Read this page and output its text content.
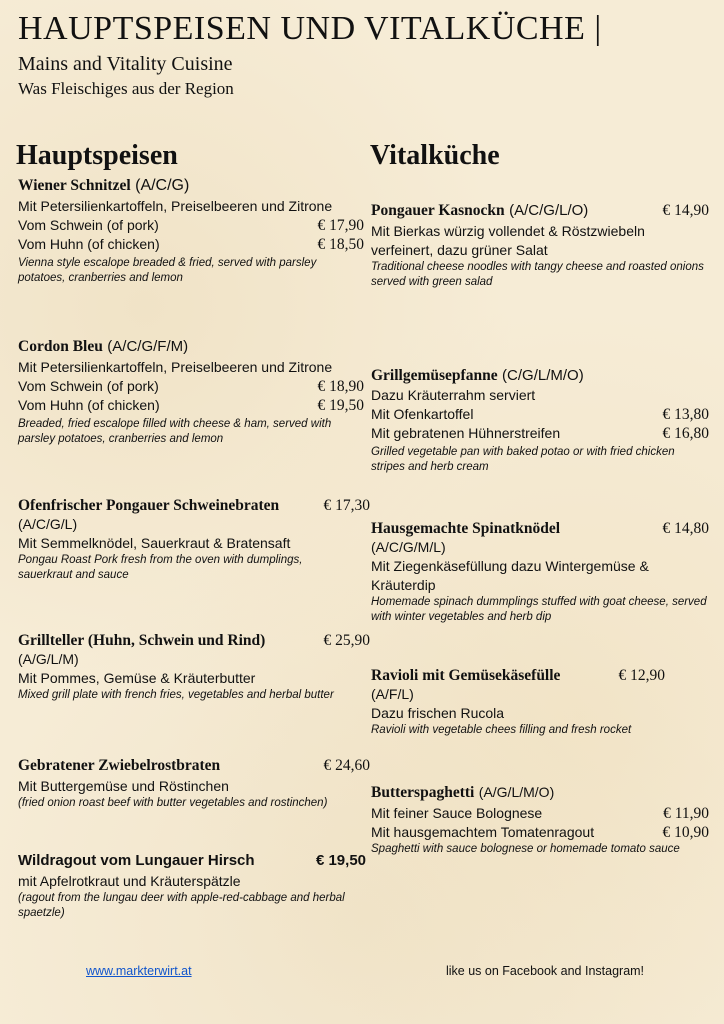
HAUPTSPEISEN UND VITALKÜCHE |
Mains and Vitality Cuisine
Was Fleischiges aus der Region
Hauptspeisen	Vitalküche
Wiener Schnitzel (A/C/G)
Mit Petersilienkartoffeln, Preiselbeeren und Zitrone
Vom Schwein (of pork)	€ 17,90
Vom Huhn (of chicken)	€ 18,50
Vienna style escalope breaded & fried, served with parsley potatoes, cranberries and lemon
Cordon Bleu (A/C/G/F/M)
Mit Petersilienkartoffeln, Preiselbeeren und Zitrone
Vom Schwein (of pork)	€ 18,90
Vom Huhn (of chicken)	€ 19,50
Breaded, fried escalope filled with cheese & ham, served with parsley potatoes, cranberries and lemon
Ofenfrischer Pongauer Schweinebraten	€ 17,30
(A/C/G/L)
Mit Semmelknödel, Sauerkraut & Bratensaft
Pongau Roast Pork fresh from the oven with dumplings, sauerkraut and sauce
Grillteller (Huhn, Schwein und Rind)	€ 25,90
(A/G/L/M)
Mit Pommes, Gemüse & Kräuterbutter
Mixed grill plate with french fries, vegetables and herbal butter
Gebratener Zwiebelrostbraten	€ 24,60
Mit Buttergemüse und Röstinchen
(fried onion roast beef with butter vegetables and rostinchen)
Wildragout vom Lungauer Hirsch	€ 19,50
mit Apfelrotkraut und Kräuterspätzle
(ragout from the lungau deer with apple-red-cabbage and herbal spaetzle)
Pongauer Kasnockn (A/C/G/L/O)	€ 14,90
Mit Bierkas würzig vollendet & Röstzwiebeln verfeinert, dazu grüner Salat
Traditional cheese noodles with tangy cheese and roasted onions served with green salad
Grillgemüsepfanne (C/G/L/M/O)
Dazu Kräuterrahm serviert
Mit Ofenkartoffel	€ 13,80
Mit gebratenen Hühnerstreifen	€ 16,80
Grilled vegetable pan with baked potao or with fried chicken stripes and herb cream
Hausgemachte Spinatknödel	€ 14,80
(A/C/G/M/L)
Mit Ziegenkäsefüllung dazu Wintergemüse & Kräuterdip
Homemade spinach dummplings stuffed with goat cheese, served with winter vegetables and herb dip
Ravioli mit Gemüsekäsefülle	€ 12,90
(A/F/L)
Dazu frischen Rucola
Ravioli with vegetable chees filling and fresh rocket
Butterspaghetti (A/G/L/M/O)
Mit feiner Sauce Bolognese	€ 11,90
Mit hausgemachtem Tomatenragout	€ 10,90
Spaghetti with sauce bolognese or homemade tomato sauce
www.markterwirt.at	like us on Facebook and Instagram!
